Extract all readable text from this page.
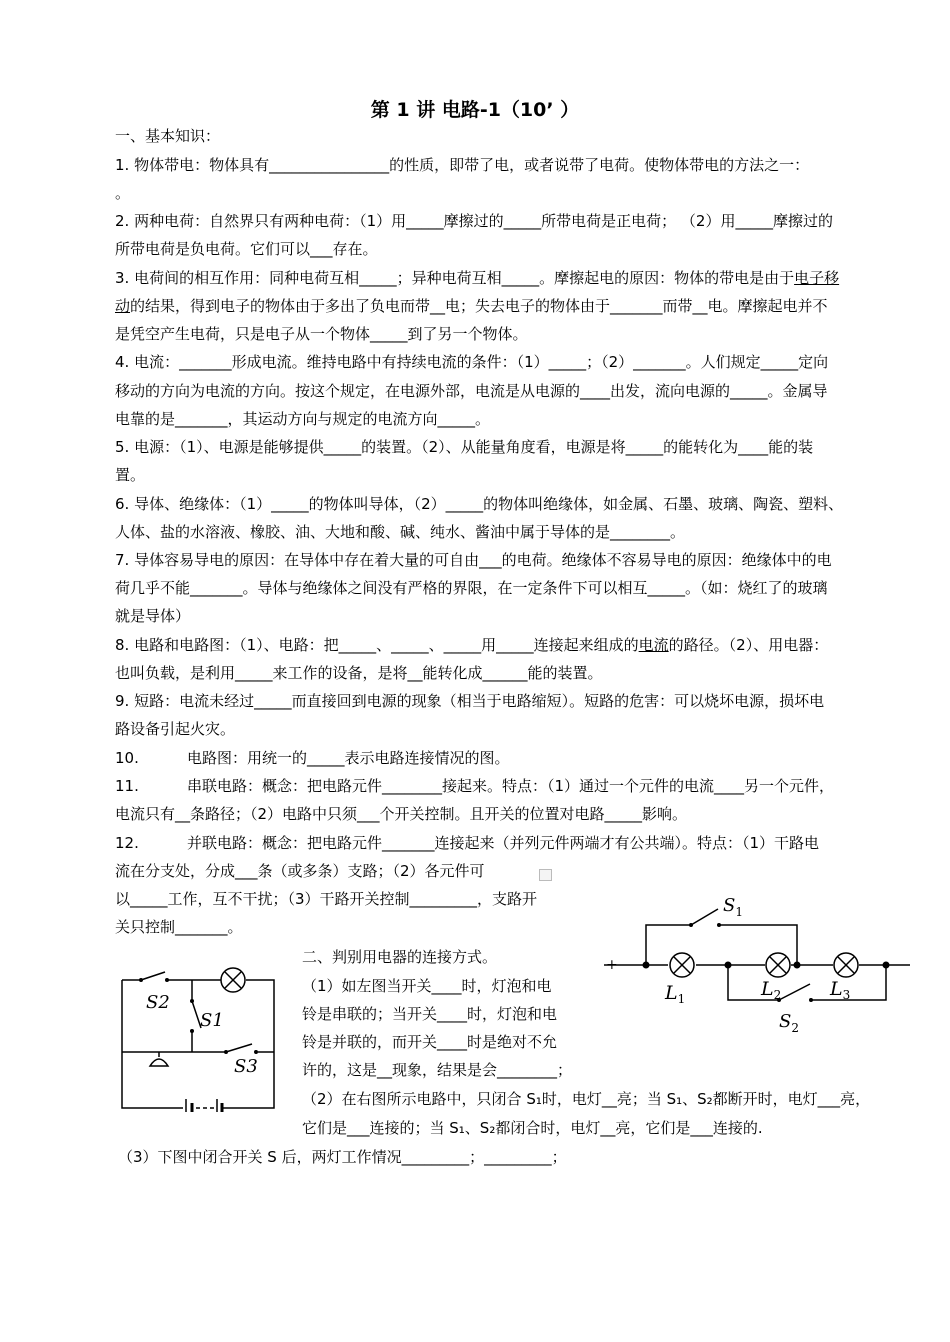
第 1 讲 电路-1（10’ ）
一、基本知识：
1. 物体带电：物体具有________________的性质，即带了电，或者说带了电荷。使物体带电的方法之一：
。
2. 两种电荷：自然界只有两种电荷：（1）用_____摩擦过的_____所带电荷是正电荷； （2）用_____摩擦过的
所带电荷是负电荷。它们可以___存在。
3. 电荷间的相互作用：同种电荷互相_____；异种电荷互相_____。摩擦起电的原因：物体的带电是由于电子移
动的结果，得到电子的物体由于多出了负电而带__电；失去电子的物体由于_______而带__电。摩擦起电并不
是凭空产生电荷，只是电子从一个物体_____到了另一个物体。
4. 电流：_______形成电流。维持电路中有持续电流的条件：（1）_____；（2）_______。人们规定_____定向
移动的方向为电流的方向。按这个规定，在电源外部，电流是从电源的____出发，流向电源的_____。金属导
电靠的是_______，其运动方向与规定的电流方向_____。
5. 电源：（1）、电源是能够提供_____的装置。（2）、从能量角度看，电源是将_____的能转化为____能的装
置。
6. 导体、绝缘体：（1）_____的物体叫导体，（2）_____的物体叫绝缘体，如金属、石墨、玻璃、陶瓷、塑料、
人体、盐的水溶液、橡胶、油、大地和酸、碱、纯水、酱油中属于导体的是________。
7. 导体容易导电的原因：在导体中存在着大量的可自由___的电荷。绝缘体不容易导电的原因：绝缘体中的电
荷几乎不能_______。导体与绝缘体之间没有严格的界限，在一定条件下可以相互_____。（如：烧红了的玻璃
就是导体）
8. 电路和电路图：（1）、电路：把_____、_____、_____用_____连接起来组成的电流的路径。（2）、用电器：
也叫负载，是利用_____来工作的设备，是将__能转化成______能的装置。
9. 短路：电流未经过_____而直接回到电源的现象（相当于电路缩短）。短路的危害：可以烧坏电源，损坏电
路设备引起火灾。
10.	电路图：用统一的_____表示电路连接情况的图。
11.	串联电路：概念：把电路元件________接起来。特点：（1）通过一个元件的电流____另一个元件，
电流只有__条路径；（2）电路中只须___个开关控制。且开关的位置对电路_____影响。
12.	并联电路：概念：把电路元件_______连接起来（并列元件两端才有公共端）。特点：（1）干路电
流在分支处，分成___条（或多条）支路；（2）各元件可
以_____工作，互不干扰；（3）干路开关控制_________，支路开
关只控制_______。
二、判别用电器的连接方式。
（1）如左图当开关____时，灯泡和电
铃是串联的；当开关____时，灯泡和电
铃是并联的，而开关____时是绝对不允
许的，这是__现象，结果是会________；
（2）在右图所示电路中，只闭合 S₁时，电灯__亮；当 S₁、S₂都断开时，电灯___亮，
它们是___连接的；当 S₁、S₂都闭合时，电灯__亮，它们是___连接的.
（3）下图中闭合开关 S 后，两灯工作情况_________；_________；
S2
S1
S3
+
$S_1$
$S_2$
$L_1$	$L_2$	$L_3$
